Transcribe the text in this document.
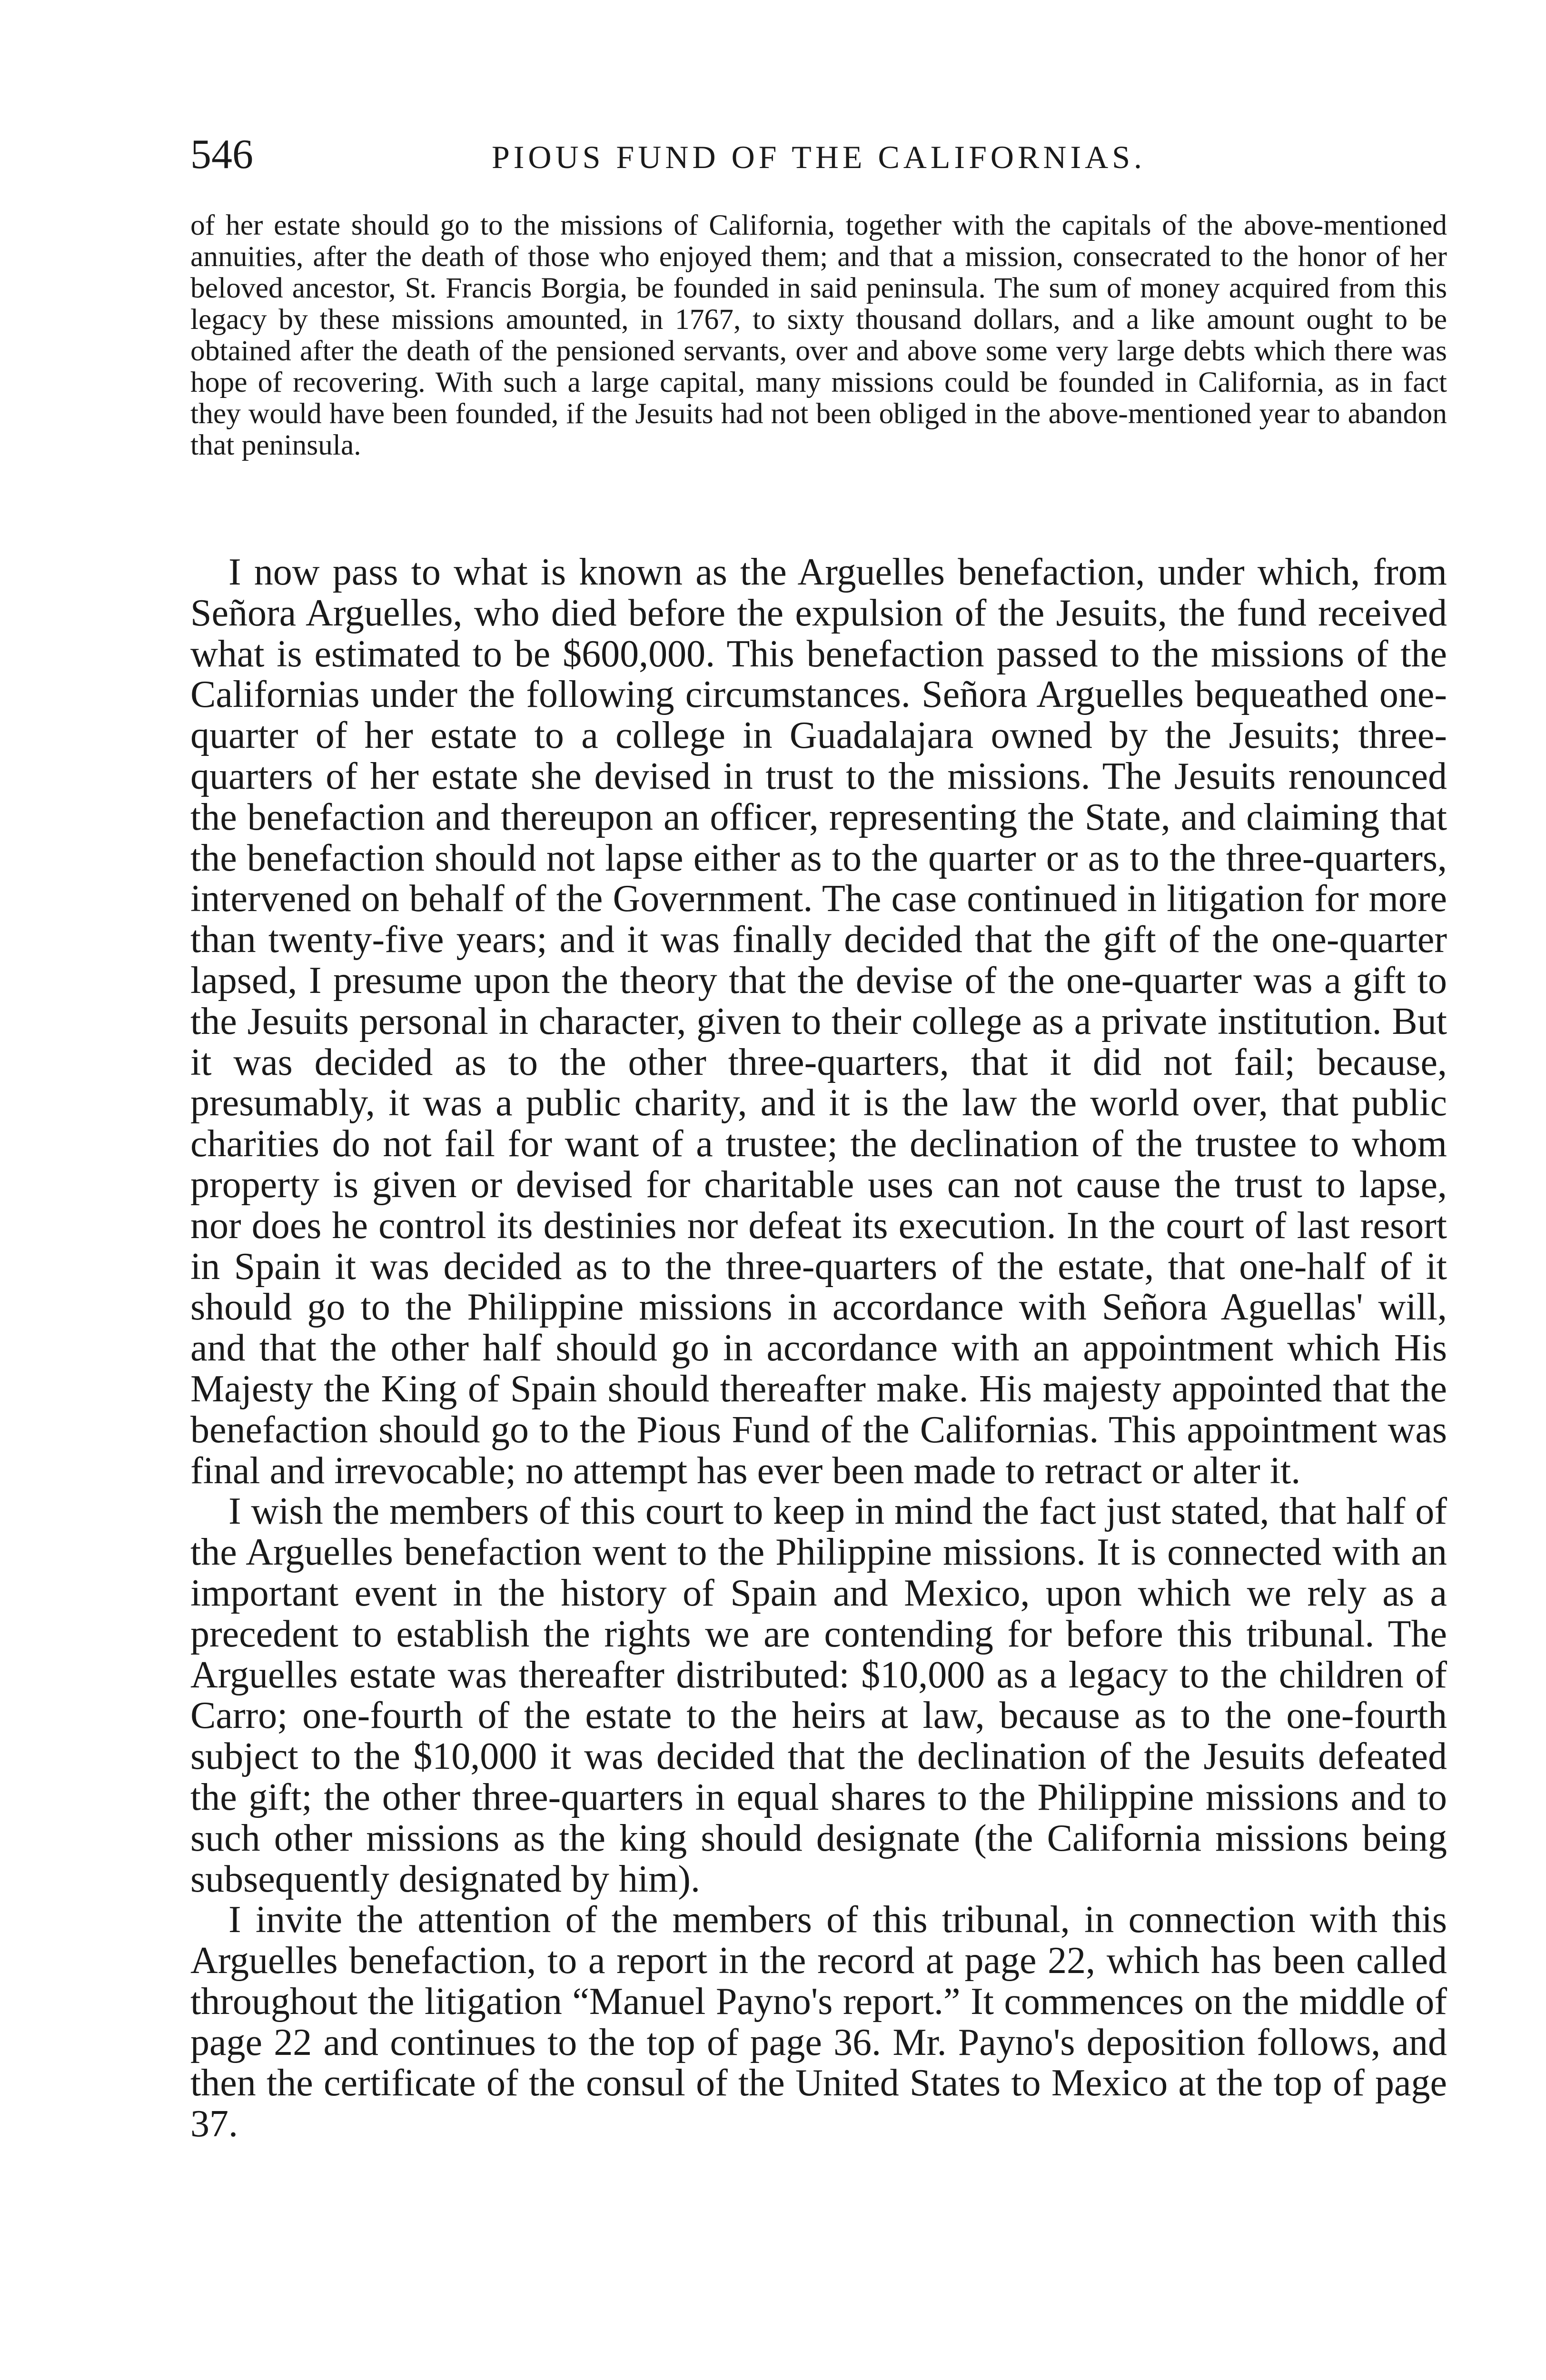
546	PIOUS FUND OF THE CALIFORNIAS.

of her estate should go to the missions of California, together with the capitals of the above-mentioned annuities, after the death of those who enjoyed them; and that a mission, consecrated to the honor of her beloved ancestor, St. Francis Borgia, be founded in said peninsula. The sum of money acquired from this legacy by these missions amounted, in 1767, to sixty thousand dollars, and a like amount ought to be obtained after the death of the pensioned servants, over and above some very large debts which there was hope of recovering. With such a large capital, many missions could be founded in California, as in fact they would have been founded, if the Jesuits had not been obliged in the above-mentioned year to abandon that peninsula.

I now pass to what is known as the Arguelles benefaction, under which, from Señora Arguelles, who died before the expulsion of the Jesuits, the fund received what is estimated to be $600,000. This benefaction passed to the missions of the Californias under the following circumstances. Señora Arguelles bequeathed one-quarter of her estate to a college in Guadalajara owned by the Jesuits; three-quarters of her estate she devised in trust to the missions. The Jesuits renounced the benefaction and thereupon an officer, representing the State, and claiming that the benefaction should not lapse either as to the quarter or as to the three-quarters, intervened on behalf of the Government. The case continued in litigation for more than twenty-five years; and it was finally decided that the gift of the one-quarter lapsed, I presume upon the theory that the devise of the one-quarter was a gift to the Jesuits personal in character, given to their college as a private institution. But it was decided as to the other three-quarters, that it did not fail; because, presumably, it was a public charity, and it is the law the world over, that public charities do not fail for want of a trustee; the declination of the trustee to whom property is given or devised for charitable uses can not cause the trust to lapse, nor does he control its destinies nor defeat its execution. In the court of last resort in Spain it was decided as to the three-quarters of the estate, that one-half of it should go to the Philippine missions in accordance with Señora Aguellas' will, and that the other half should go in accordance with an appointment which His Majesty the King of Spain should thereafter make. His majesty appointed that the benefaction should go to the Pious Fund of the Californias. This appointment was final and irrevocable; no attempt has ever been made to retract or alter it.

I wish the members of this court to keep in mind the fact just stated, that half of the Arguelles benefaction went to the Philippine missions. It is connected with an important event in the history of Spain and Mexico, upon which we rely as a precedent to establish the rights we are contending for before this tribunal. The Arguelles estate was thereafter distributed: $10,000 as a legacy to the children of Carro; one-fourth of the estate to the heirs at law, because as to the one-fourth subject to the $10,000 it was decided that the declination of the Jesuits defeated the gift; the other three-quarters in equal shares to the Philippine missions and to such other missions as the king should designate (the California missions being subsequently designated by him).

I invite the attention of the members of this tribunal, in connection with this Arguelles benefaction, to a report in the record at page 22, which has been called throughout the litigation “Manuel Payno's report.” It commences on the middle of page 22 and continues to the top of page 36. Mr. Payno's deposition follows, and then the certificate of the consul of the United States to Mexico at the top of page 37.
